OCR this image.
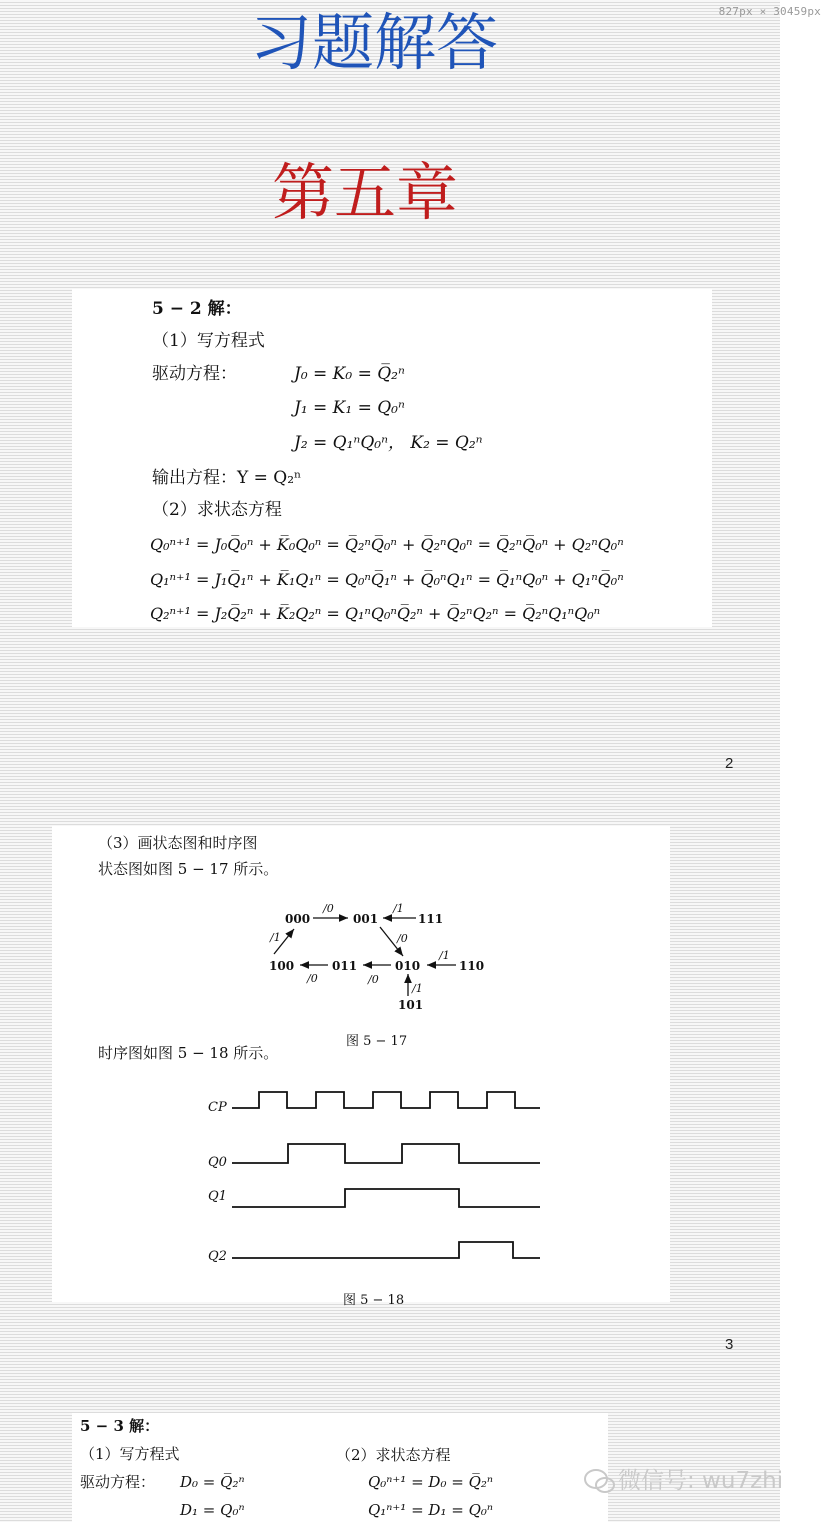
827px × 30459px
习题解答
第五章
5 − 2 解：
（1）写方程式
驱动方程：	J₀ = K₀ = Q̅₂ⁿ
J₁ = K₁ = Q₀ⁿ
J₂ = Q₁ⁿQ₀ⁿ， K₂ = Q₂ⁿ
输出方程：Y = Q₂ⁿ
（2）求状态方程
Q₀ⁿ⁺¹ = J₀Q̅₀ⁿ + K̅₀Q₀ⁿ = Q̅₂ⁿQ̅₀ⁿ + Q̅₂ⁿQ₀ⁿ = Q̅₂ⁿQ̅₀ⁿ + Q₂ⁿQ₀ⁿ
Q₁ⁿ⁺¹ = J₁Q̅₁ⁿ + K̅₁Q₁ⁿ = Q₀ⁿQ̅₁ⁿ + Q̅₀ⁿQ₁ⁿ = Q̅₁ⁿQ₀ⁿ + Q₁ⁿQ̅₀ⁿ
Q₂ⁿ⁺¹ = J₂Q̅₂ⁿ + K̅₂Q₂ⁿ = Q₁ⁿQ₀ⁿQ̅₂ⁿ + Q̅₂ⁿQ₂ⁿ = Q̅₂ⁿQ₁ⁿQ₀ⁿ
2
（3）画状态图和时序图
状态图如图 5 − 17 所示。
000	001	111
100	011	010	110
101
/0	/1
/1	/0
/0	/0
/1
/1
图 5 − 17
时序图如图 5 − 18 所示。
CP
Q0
Q1
Q2
图 5 − 18
3
5 − 3 解：
（1）写方程式
驱动方程： D₀ = Q̅₂ⁿ
D₁ = Q₀ⁿ
（2）求状态方程
Q₀ⁿ⁺¹ = D₀ = Q̅₂ⁿ
Q₁ⁿ⁺¹ = D₁ = Q₀ⁿ
微信号: wu7zhi
